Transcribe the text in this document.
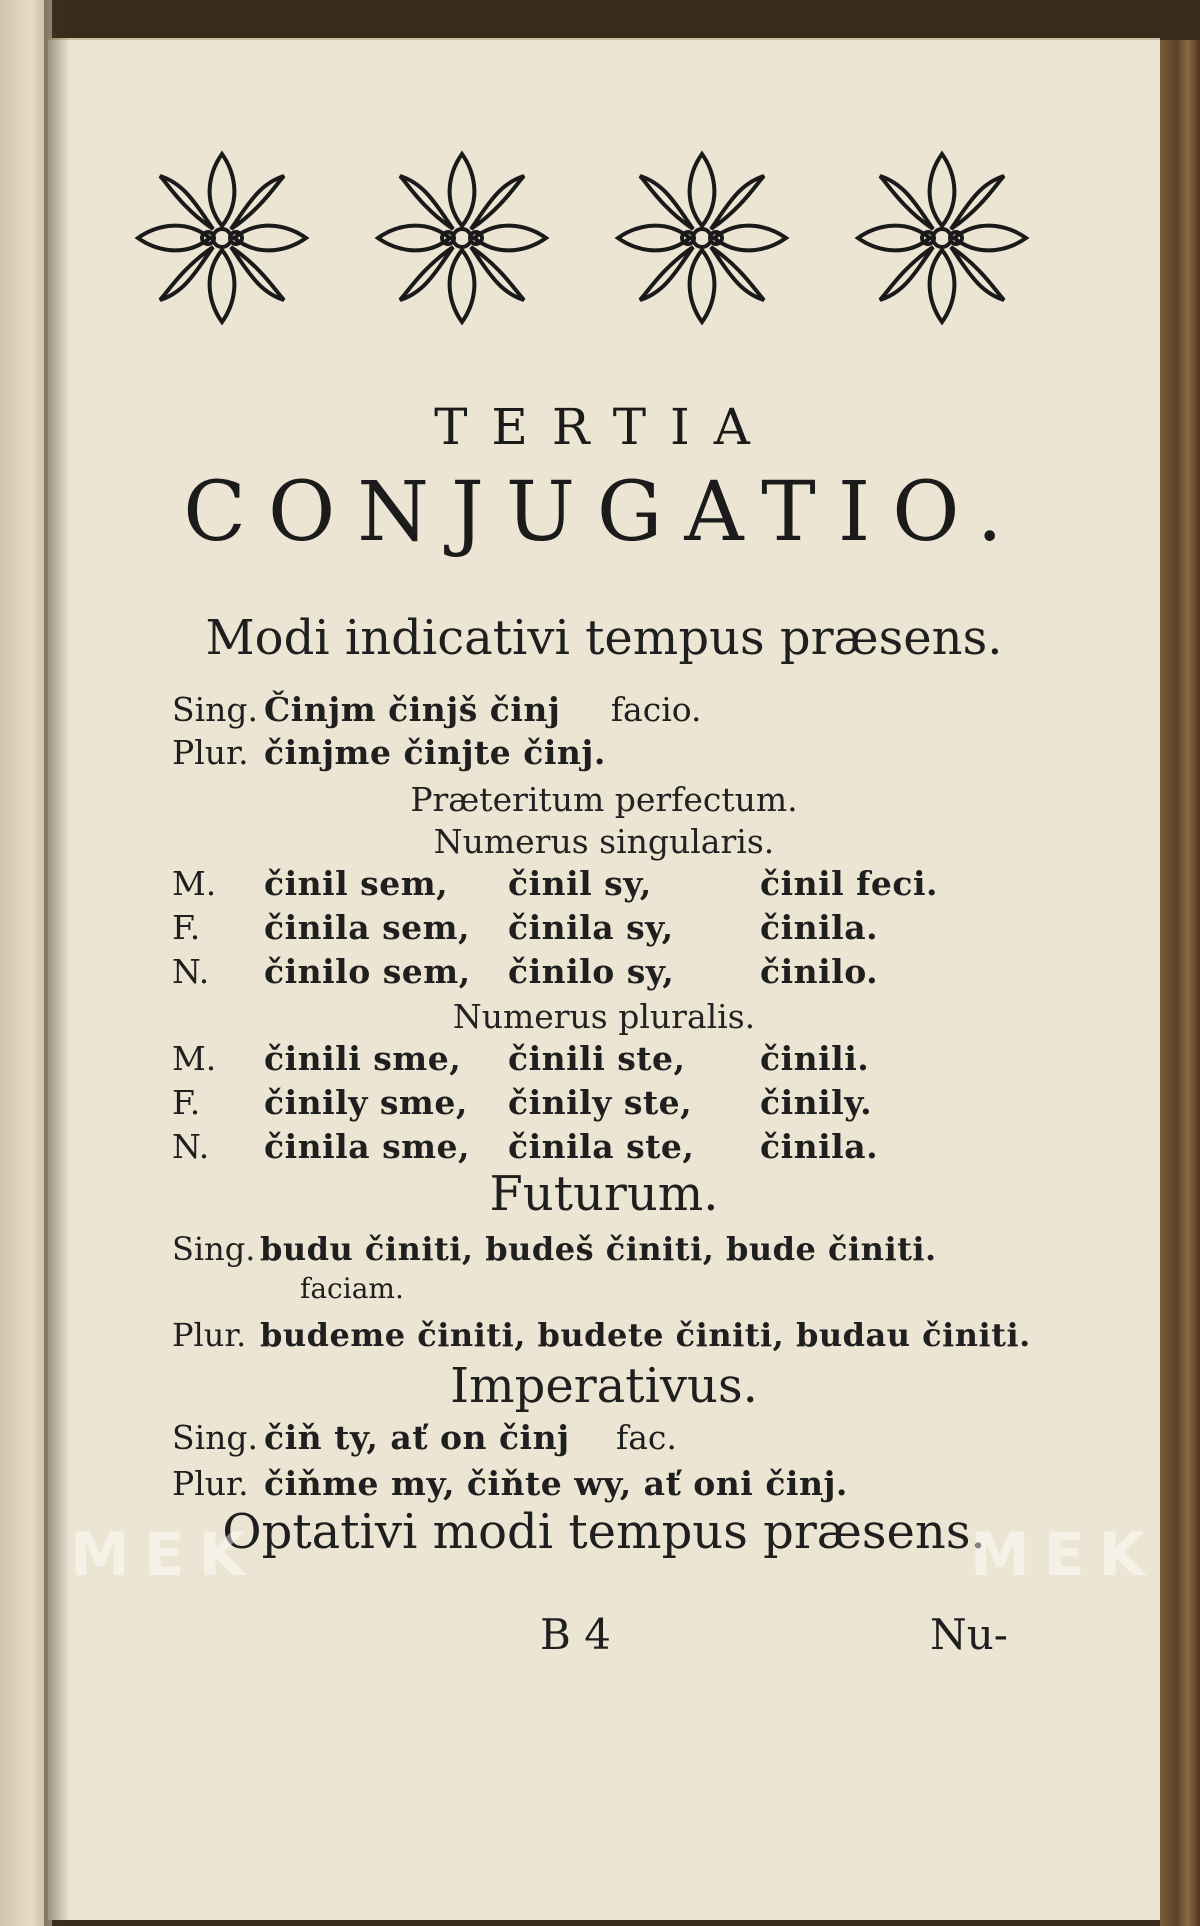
TERTIA
CONJUGATIO.
Modi indicativi tempus præsens.
Sing. Činjm činjš činj facio.
Plur. činjme činjte činj.
Præteritum perfectum.
Numerus singularis.
M. činil sem, činil sy,	činil feci.
F. činila sem, činila sy,	činila.
N. činilo sem, činilo sy,	činilo.
Numerus pluralis.
M. činili sme, činili ste, činili.
F. činily sme, činily ste, činily.
N. činila sme, činila ste, činila.
Futurum.
Sing. budu činiti, budeš činiti, bude činiti.
faciam.
Plur. budeme činiti, budete činiti, budau činiti.
Imperativus.
Sing. čiň ty, ať on činj fac.
Plur. čiňme my, čiňte wy, ať oni činj.
Optativi modi tempus præsens.
B 4	Nu-
MEK	MEK
